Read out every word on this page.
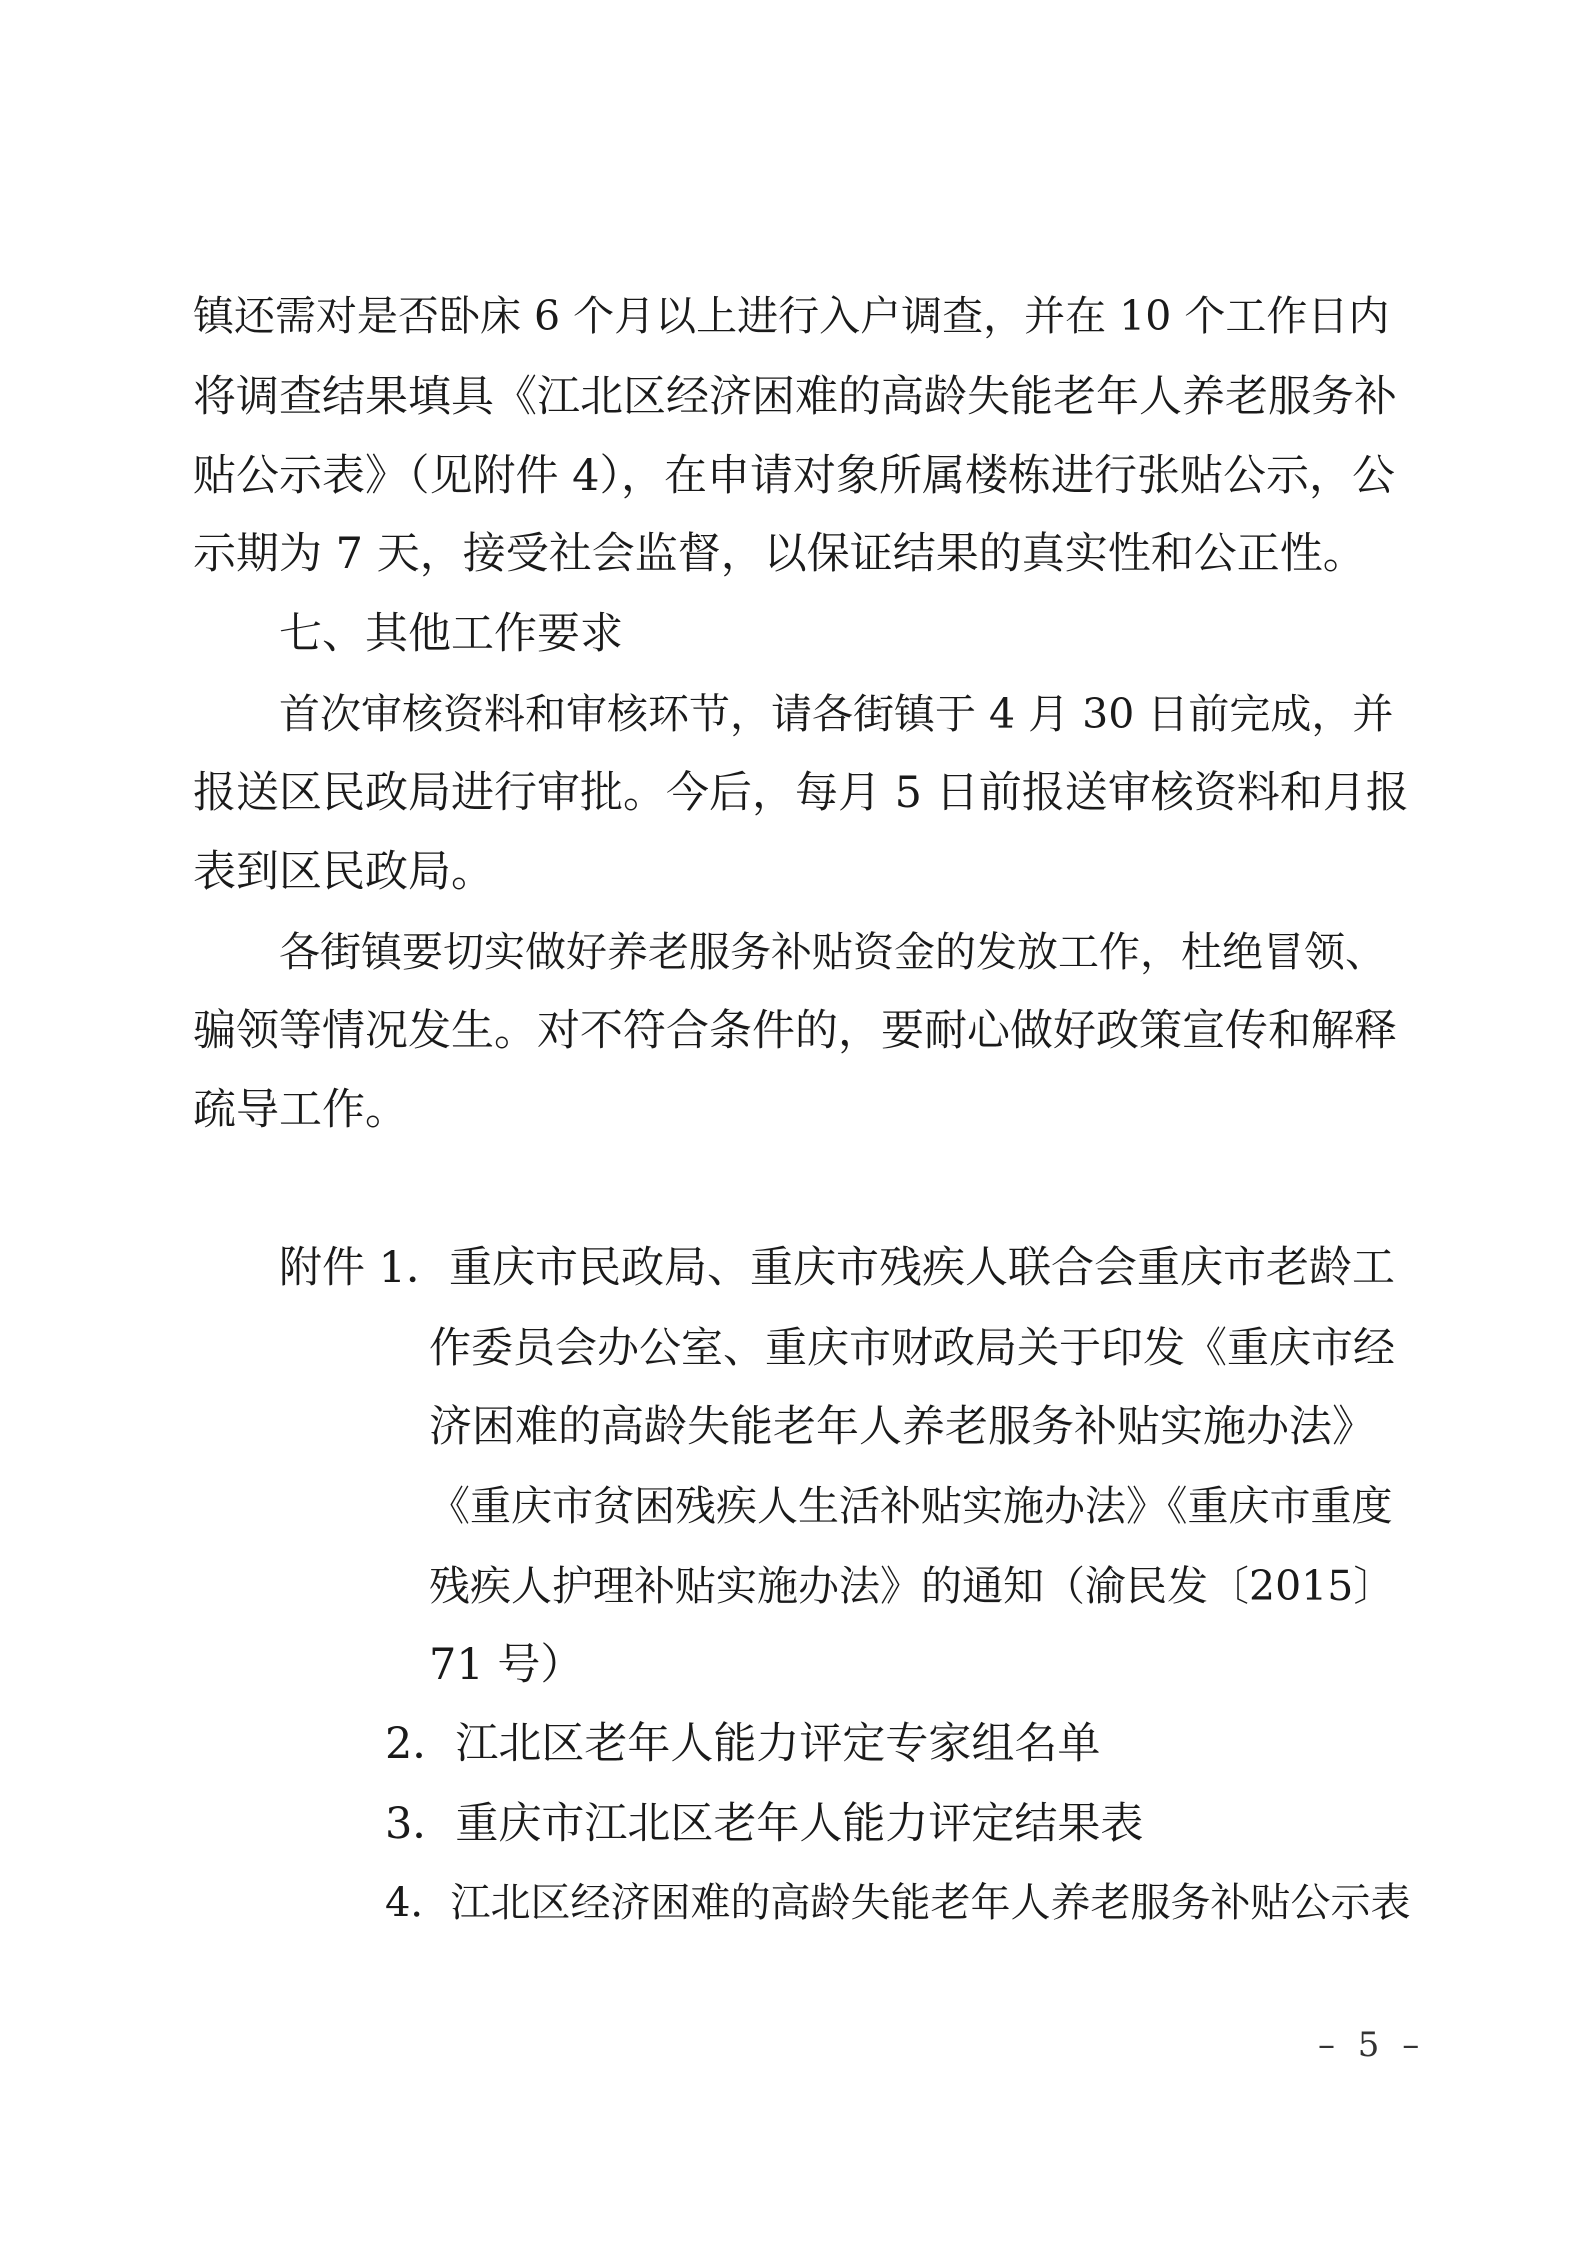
镇还需对是否卧床 6 个月以上进行入户调查，并在 10 个工作日内
将调查结果填具《江北区经济困难的高龄失能老年人养老服务补
贴公示表》（见附件 4），在申请对象所属楼栋进行张贴公示，公
示期为 7 天，接受社会监督，以保证结果的真实性和公正性。
七、其他工作要求
首次审核资料和审核环节，请各街镇于 4 月 30 日前完成，并
报送区民政局进行审批。今后，每月 5 日前报送审核资料和月报
表到区民政局。
各街镇要切实做好养老服务补贴资金的发放工作，杜绝冒领、
骗领等情况发生。对不符合条件的，要耐心做好政策宣传和解释
疏导工作。
附件 1．重庆市民政局、重庆市残疾人联合会重庆市老龄工
作委员会办公室、重庆市财政局关于印发《重庆市经
济困难的高龄失能老年人养老服务补贴实施办法》
《重庆市贫困残疾人生活补贴实施办法》《重庆市重度
残疾人护理补贴实施办法》的通知（渝民发〔2015〕
71 号）
2．江北区老年人能力评定专家组名单
3．重庆市江北区老年人能力评定结果表
4．江北区经济困难的高龄失能老年人养老服务补贴公示表
– 5 –
